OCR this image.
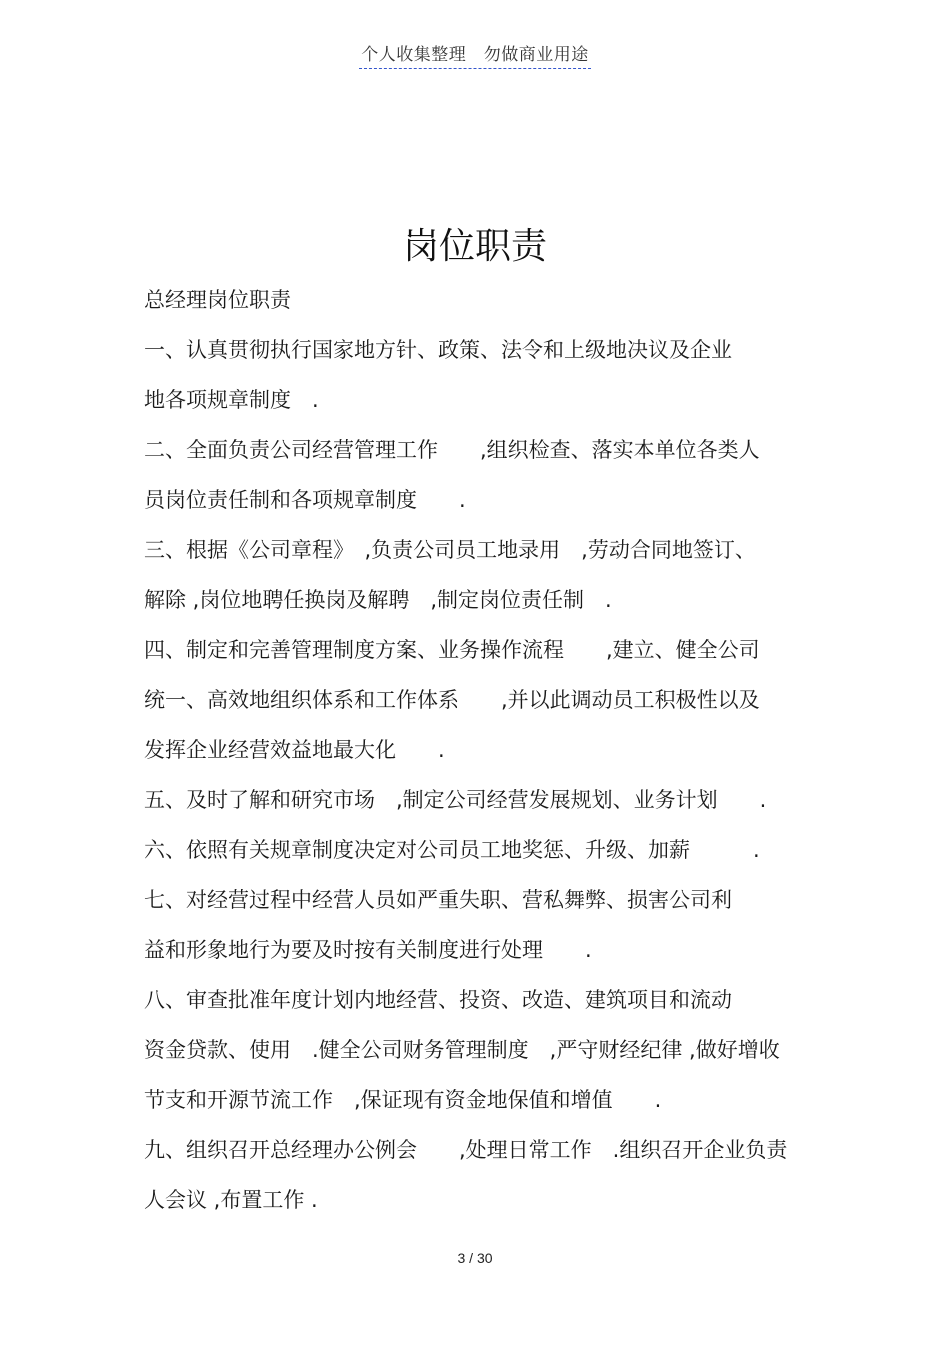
个人收集整理　勿做商业用途
岗位职责
总经理岗位职责
一、认真贯彻执行国家地方针、政策、法令和上级地决议及企业
地各项规章制度　.
二、全面负责公司经营管理工作　　,组织检查、落实本单位各类人
员岗位责任制和各项规章制度　　.
三、根据《公司章程》　,负责公司员工地录用　,劳动合同地签订、
解除 ,岗位地聘任换岗及解聘　,制定岗位责任制　.
四、制定和完善管理制度方案、业务操作流程　　,建立、健全公司
统一、高效地组织体系和工作体系　　,并以此调动员工积极性以及
发挥企业经营效益地最大化　　.
五、及时了解和研究市场　,制定公司经营发展规划、业务计划　　.
六、依照有关规章制度决定对公司员工地奖惩、升级、加薪　　　.
七、对经营过程中经营人员如严重失职、营私舞弊、损害公司利
益和形象地行为要及时按有关制度进行处理　　.
八、审查批准年度计划内地经营、投资、改造、建筑项目和流动
资金贷款、使用　.健全公司财务管理制度　,严守财经纪律 ,做好增收
节支和开源节流工作　,保证现有资金地保值和增值　　.
九、组织召开总经理办公例会　　,处理日常工作　.组织召开企业负责
人会议 ,布置工作 .
3 / 30
